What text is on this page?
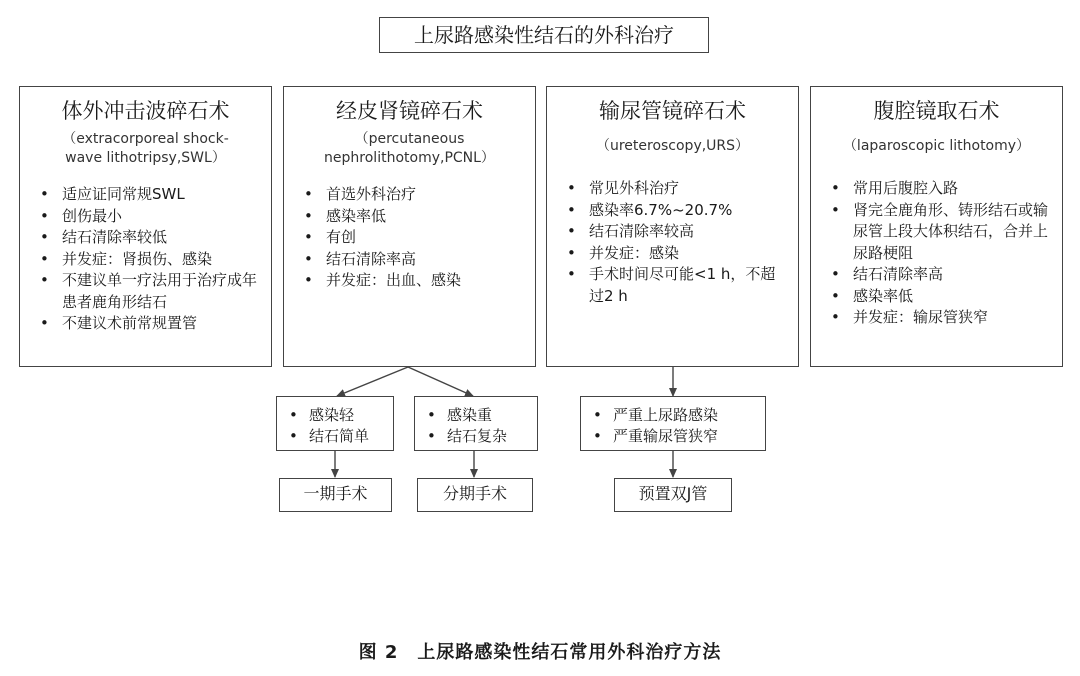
上尿路感染性结石的外科治疗
体外冲击波碎石术
（extracorporeal shock-
wave lithotripsy,SWL）
• 适应证同常规SWL
• 创伤最小
• 结石清除率较低
• 并发症：肾损伤、感染
• 不建议单一疗法用于治疗成年患者鹿角形结石
• 不建议术前常规置管
经皮肾镜碎石术
（percutaneous
nephrolithotomy,PCNL）
• 首选外科治疗
• 感染率低
• 有创
• 结石清除率高
• 并发症：出血、感染
输尿管镜碎石术
（ureteroscopy,URS）
• 常见外科治疗
• 感染率6.7%~20.7%
• 结石清除率较高
• 并发症：感染
• 手术时间尽可能<1 h，不超过2 h
腹腔镜取石术
（laparoscopic lithotomy）
• 常用后腹腔入路
• 肾完全鹿角形、铸形结石或输尿管上段大体积结石，合并上尿路梗阻
• 结石清除率高
• 感染率低
• 并发症：输尿管狭窄
• 感染轻
• 结石简单
• 感染重
• 结石复杂
• 严重上尿路感染
• 严重输尿管狭窄
一期手术	分期手术	预置双J管
图 2　上尿路感染性结石常用外科治疗方法
